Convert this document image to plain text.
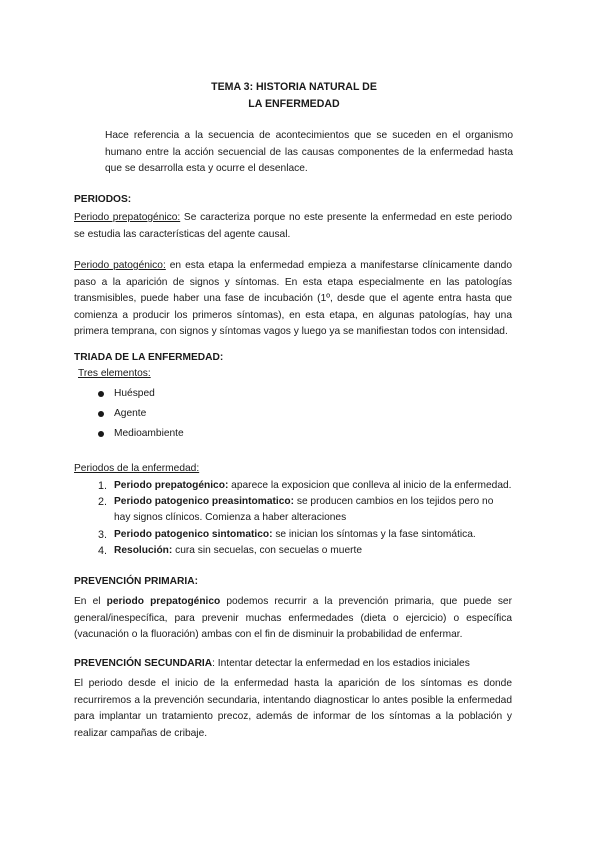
TEMA 3: HISTORIA NATURAL DE
LA ENFERMEDAD
Hace referencia a la secuencia de acontecimientos que se suceden en el organismo humano entre la acción secuencial de las causas componentes de la enfermedad hasta que se desarrolla esta y ocurre el desenlace.
PERIODOS:
Periodo prepatogénico: Se caracteriza porque no este presente la enfermedad en este periodo se estudia las características del agente causal.
Periodo patogénico: en esta etapa la enfermedad empieza a manifestarse clínicamente dando paso a la aparición de signos y síntomas. En esta etapa especialmente en las patologías transmisibles, puede haber una fase de incubación (1º, desde que el agente entra hasta que comienza a producir los primeros síntomas), en esta etapa, en algunas patologías, hay una primera temprana, con signos y síntomas vagos y luego ya se manifiestan todos con intensidad.
TRIADA DE LA ENFERMEDAD:
Tres elementos:
Huésped
Agente
Medioambiente
Periodos de la enfermedad:
1. Periodo prepatogénico: aparece la exposicion que conlleva al inicio de la enfermedad.
2. Periodo patogenico preasintomatico: se producen cambios en los tejidos pero no hay signos clínicos. Comienza a haber alteraciones
3. Periodo patogenico sintomatico: se inician los síntomas y la fase sintomática.
4. Resolución: cura sin secuelas, con secuelas o muerte
PREVENCIÓN PRIMARIA:
En el periodo prepatogénico podemos recurrir a la prevención primaria, que puede ser general/inespecífica, para prevenir muchas enfermedades (dieta o ejercicio) o específica (vacunación o la fluoración) ambas con el fin de disminuir la probabilidad de enfermar.
PREVENCIÓN SECUNDARIA: Intentar detectar la enfermedad en los estadios iniciales
El periodo desde el inicio de la enfermedad hasta la aparición de los síntomas es donde recurriremos a la prevención secundaria, intentando diagnosticar lo antes posible la enfermedad para implantar un tratamiento precoz, además de informar de los síntomas a la población y realizar campañas de cribaje.
